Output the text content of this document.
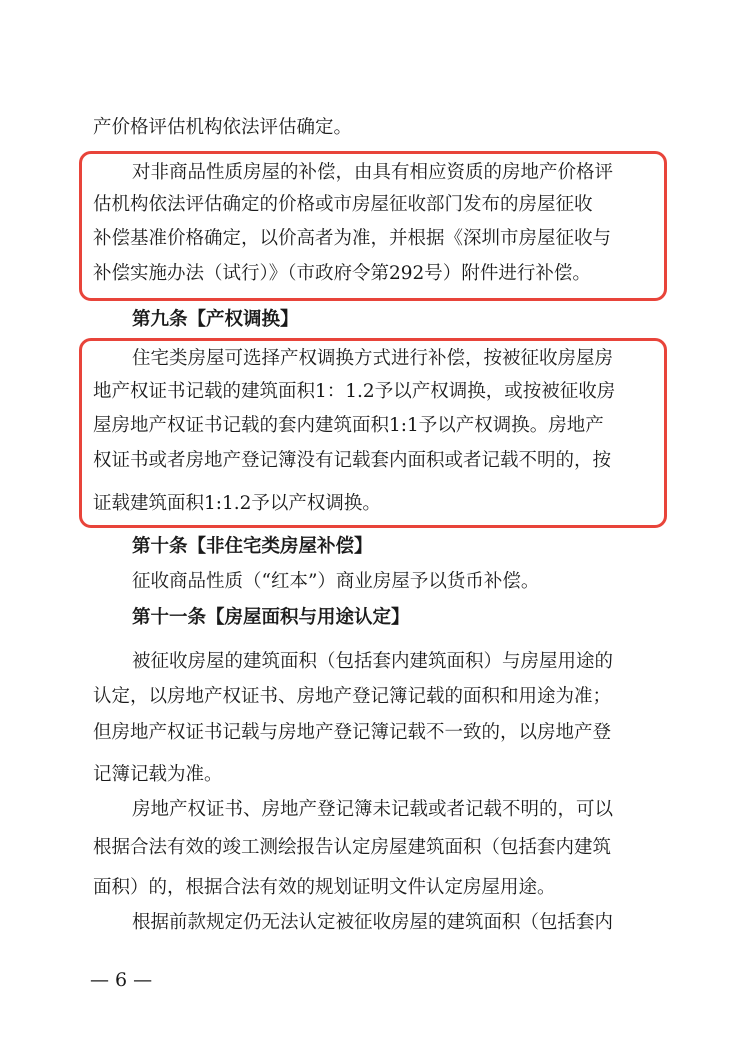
产价格评估机构依法评估确定。
对非商品性质房屋的补偿，由具有相应资质的房地产价格评
估机构依法评估确定的价格或市房屋征收部门发布的房屋征收
补偿基准价格确定，以价高者为准，并根据《深圳市房屋征收与
补偿实施办法（试行）》（市政府令第292号）附件进行补偿。
第九条【产权调换】
住宅类房屋可选择产权调换方式进行补偿，按被征收房屋房
地产权证书记载的建筑面积1：1.2予以产权调换，或按被征收房
屋房地产权证书记载的套内建筑面积1:1予以产权调换。房地产
权证书或者房地产登记簿没有记载套内面积或者记载不明的，按
证载建筑面积1:1.2予以产权调换。
第十条【非住宅类房屋补偿】
征收商品性质（“红本”）商业房屋予以货币补偿。
第十一条【房屋面积与用途认定】
被征收房屋的建筑面积（包括套内建筑面积）与房屋用途的
认定，以房地产权证书、房地产登记簿记载的面积和用途为准；
但房地产权证书记载与房地产登记簿记载不一致的，以房地产登
记簿记载为准。
房地产权证书、房地产登记簿未记载或者记载不明的，可以
根据合法有效的竣工测绘报告认定房屋建筑面积（包括套内建筑
面积）的，根据合法有效的规划证明文件认定房屋用途。
根据前款规定仍无法认定被征收房屋的建筑面积（包括套内
— 6 —
